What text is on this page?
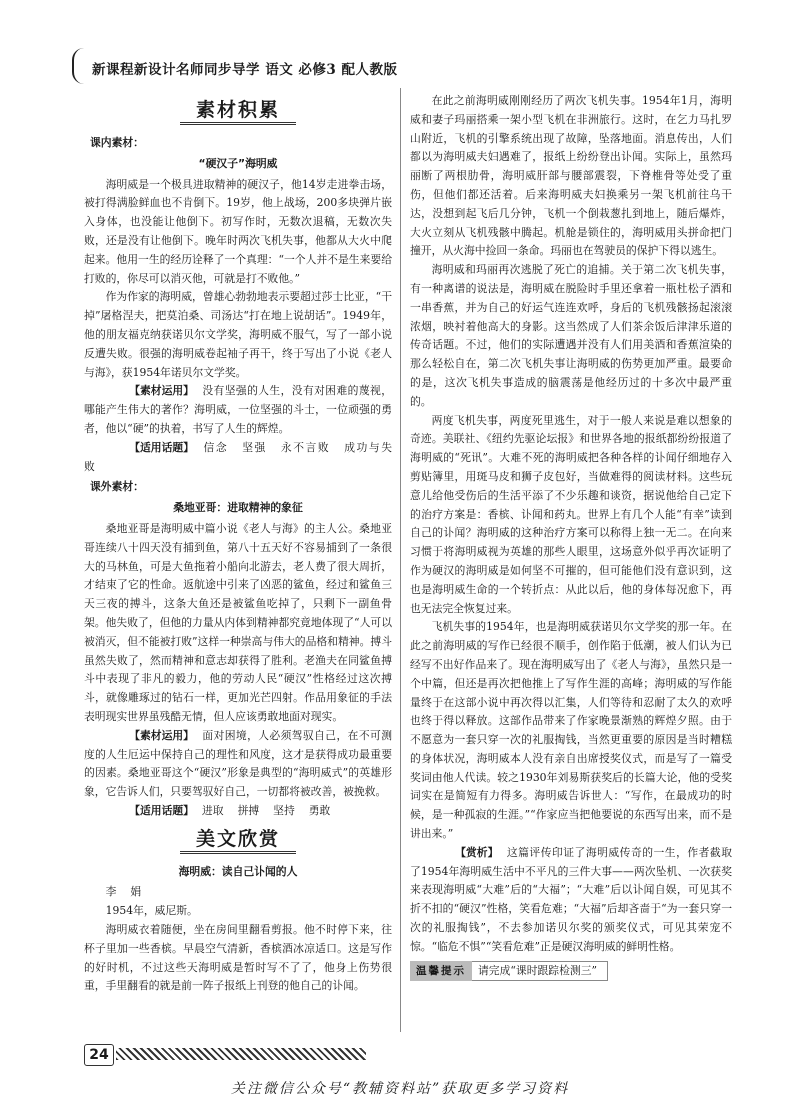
新课程新设计名师同步导学 语文 必修3 配人教版
素材积累
课内素材：
“硬汉子”海明威

海明威是一个极具进取精神的硬汉子，他14岁走进拳击场，被打得满脸鲜血也不肯倒下。19岁，他上战场，200多块弹片嵌入身体，也没能让他倒下。初写作时，无数次退稿，无数次失败，还是没有让他倒下。晚年时两次飞机失事，他都从大火中爬起来。他用一生的经历诠释了一个真理：“一个人并不是生来要给打败的，你尽可以消灭他，可就是打不败他。”

作为作家的海明威，曾雄心勃勃地表示要超过莎士比亚，“干掉”屠格涅夫，把莫泊桑、司汤达“打在地上说胡话”。1949年，他的朋友福克纳获诺贝尔文学奖，海明威不服气，写了一部小说反遭失败。很强的海明威卷起袖子再干，终于写出了小说《老人与海》，获1954年诺贝尔文学奖。

【素材运用】 没有坚强的人生，没有对困难的蔑视，哪能产生伟大的著作？海明威，一位坚强的斗士，一位顽强的勇者，他以“硬”的执着，书写了人生的辉煌。

【适用话题】 信念 坚强 永不言败 成功与失败
课外素材：
桑地亚哥：进取精神的象征

桑地亚哥是海明威中篇小说《老人与海》的主人公。桑地亚哥连续八十四天没有捕到鱼，第八十五天好不容易捕到了一条很大的马林鱼，可是大鱼拖着小船向北游去，老人费了很大周折，才结束了它的性命。返航途中引来了凶恶的鲨鱼，经过和鲨鱼三天三夜的搏斗，这条大鱼还是被鲨鱼吃掉了，只剩下一副鱼骨架。他失败了，但他的力量从内体到精神都究竟地体现了“人可以被消灭，但不能被打败”这样一种崇高与伟大的品格和精神。搏斗虽然失败了，然而精神和意志却获得了胜利。老渔夫在同鲨鱼搏斗中表现了非凡的毅力，他的劳动人民“硬汉”性格经过这次搏斗，就像雕琢过的钻石一样，更加光芒四射。作品用象征的手法表明现实世界虽残酷无情，但人应该勇敢地面对现实。

【素材运用】 面对困境，人必须驾驭自己，在不可测度的人生厄运中保持自己的理性和风度，这才是获得成功最重要的因素。桑地亚哥这个“硬汉”形象是典型的“海明威式”的英雄形象，它告诉人们，只要驾驭好自己，一切都将被改善，被挽救。

【适用话题】 进取 拼搏 坚持 勇敢
美文欣赏
海明威：读自己讣闻的人

李娟

1954年，威尼斯。

海明威衣着随便，坐在房间里翻看剪报。他不时停下来，往杯子里加一些香槟。早晨空气清新，香槟酒冰凉适口。这是写作的好时机，不过这些天海明威是暂时写不了了，他身上伤势很重，手里翻看的就是前一阵子报纸上刊登的他自己的讣闻。

在此之前海明威刚刚经历了两次飞机失事。1954年1月，海明威和妻子玛丽搭乘一架小型飞机在非洲旅行。这时，在乞力马扎罗山附近，飞机的引擎系统出现了故障，坠落地面。消息传出，人们都以为海明威夫妇遇难了，报纸上纷纷登出讣闻。实际上，虽然玛丽断了两根肋骨，海明威肝部与腰部震裂，下脊椎骨等处受了重伤，但他们都还活着。后来海明威夫妇换乘另一架飞机前往乌干达，没想到起飞后几分钟，飞机一个倒栽葱扎到地上，随后爆炸，大火立刻从飞机残骸中腾起。机舱是锁住的，海明威用头拼命把门撞开，从火海中捡回一条命。玛丽也在驾驶员的保护下得以逃生。

海明威和玛丽再次逃脱了死亡的追捕。关于第二次飞机失事，有一种离谱的说法是，海明威在脱险时手里还拿着一瓶杜松子酒和一串香蕉，并为自己的好运气连连欢呼，身后的飞机残骸扬起滚滚浓烟，映衬着他高大的身影。这当然成了人们茶余饭后津津乐道的传奇话题。不过，他们的实际遭遇并没有人们用美酒和香蕉渲染的那么轻松自在，第二次飞机失事让海明威的伤势更加严重。最要命的是，这次飞机失事造成的脑震荡是他经历过的十多次中最严重的。

两度飞机失事，两度死里逃生，对于一般人来说是难以想象的奇迹。美联社、《纽约先驱论坛报》和世界各地的报纸都纷纷报道了海明威的“死讯”。大难不死的海明威把各种各样的讣闻仔细地存入剪贴簿里，用斑马皮和狮子皮包好，当做难得的阅读材料。这些玩意儿给他受伤后的生活平添了不少乐趣和谈资，据说他给自己定下的治疗方案是：香槟、讣闻和药丸。世界上有几个人能“有幸”读到自己的讣闻？海明威的这种治疗方案可以称得上独一无二。在向来习惯于将海明威视为英雄的那些人眼里，这场意外似乎再次证明了作为硬汉的海明威是如何坚不可摧的，但可能他们没有意识到，这也是海明威生命的一个转折点：从此以后，他的身体每况愈下，再也无法完全恢复过来。

飞机失事的1954年，也是海明威获诺贝尔文学奖的那一年。在此之前海明威的写作已经很不顺手，创作陷于低潮，被人们认为已经写不出好作品来了。现在海明威写出了《老人与海》，虽然只是一个中篇，但还是再次把他推上了写作生涯的高峰；海明威的写作能量终于在这部小说中再次得以汇集，人们等待和忍耐了太久的欢呼也终于得以释放。这部作品带来了作家晚景渐熟的辉煌夕照。由于不愿意为一套只穿一次的礼服掏钱，当然更重要的原因是当时糟糕的身体状况，海明威本人没有亲自出席授奖仪式，而是写了一篇受奖词由他人代读。较之1930年刘易斯获奖后的长篇大论，他的受奖词实在是简短有力得多。海明威告诉世人：“写作，在最成功的时候，是一种孤寂的生涯。”“作家应当把他要说的东西写出来，而不是讲出来。”

【赏析】 这篇评传印证了海明威传奇的一生，作者截取了1954年海明威生活中不平凡的三件大事——两次坠机、一次获奖来表现海明威“大难”后的“大福”；“大难”后以讣闻自娱，可见其不折不扣的“硬汉”性格，笑看危难；“大福”后却吝啬于“为一套只穿一次的礼服掏钱”，不去参加诺贝尔奖的颁奖仪式，可见其荣宠不惊。“临危不惧”“笑看危难”正是硬汉海明威的鲜明性格。

温馨提示	请完成“课时跟踪检测三”
24
关注微信公众号“教辅资料站”获取更多学习资料
